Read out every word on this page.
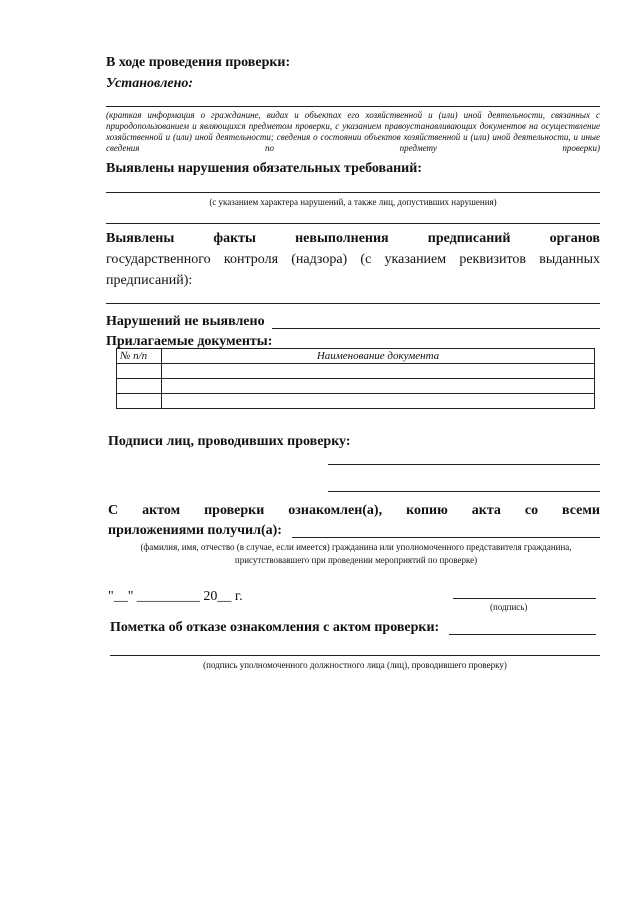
В ходе проведения проверки:
Установлено:
(краткая информация о гражданине, видах и объектах его хозяйственной и (или) иной деятельности, связанных с природопользованием и являющихся предметом проверки, с указанием правоустанавливающих документов на осуществление хозяйственной и (или) иной деятельности; сведения о состоянии объектов хозяйственной и (или) иной деятельности, и иные сведения по предмету проверки)
Выявлены нарушения обязательных требований:
(с указанием характера нарушений, а также лиц, допустивших нарушения)
Выявлены факты невыполнения предписаний органов
государственного контроля (надзора) (с указанием реквизитов выданных
предписаний):
Нарушений не выявлено
Прилагаемые документы:
№ п/п	Наименование документа

Подписи лиц, проводивших проверку:
С актом проверки ознакомлен(а), копию акта со всеми
приложениями получил(а):
(фамилия, имя, отчество (в случае, если имеется) гражданина или уполномоченного представителя гражданина,
присутствовавшего при проведении мероприятий по проверке)
"__" _________ 20__ г.
(подпись)
Пометка об отказе ознакомления с актом проверки:
(подпись уполномоченного должностного лица (лиц), проводившего проверку)
